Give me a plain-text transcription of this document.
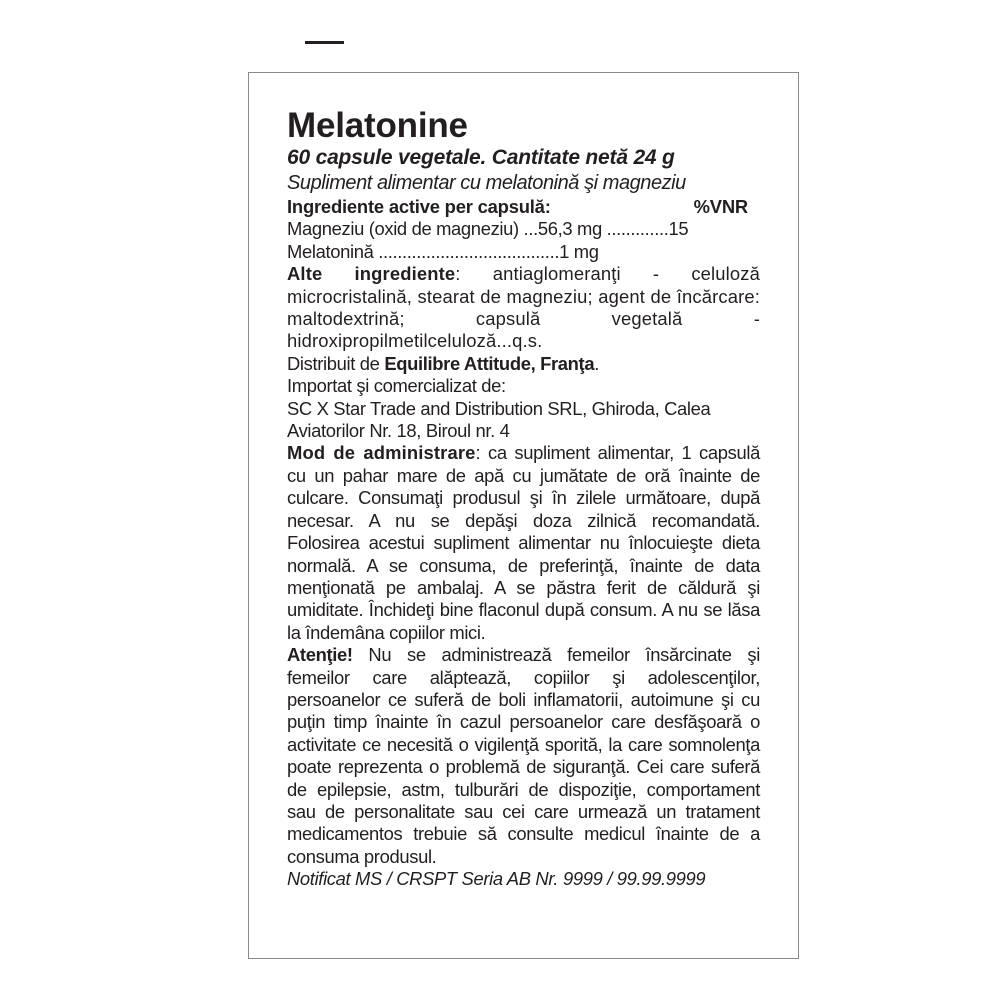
Melatonine

60 capsule vegetale. Cantitate netă 24 g

Supliment alimentar cu melatonină şi magneziu

Ingrediente active per capsulă:	%VNR

Magneziu (oxid de magneziu) ...56,3 mg .............15

Melatonină ......................................1 mg

Alte ingrediente: antiaglomeranţi - celuloză microcristalină, stearat de magneziu; agent de încărcare: maltodextrină; capsulă vegetală - hidroxipropilmetilceluloză...q.s.

Distribuit de Equilibre Attitude, Franţa.

Importat şi comercializat de:

SC X Star Trade and Distribution SRL, Ghiroda, Calea Aviatorilor Nr. 18, Biroul nr. 4

Mod de administrare: ca supliment alimentar, 1 capsulă cu un pahar mare de apă cu jumătate de oră înainte de culcare. Consumaţi produsul şi în zilele următoare, după necesar. A nu se depăşi doza zilnică recomandată. Folosirea acestui supliment alimentar nu înlocuieşte dieta normală. A se consuma, de preferinţă, înainte de data menţionată pe ambalaj. A se păstra ferit de căldură şi umiditate. Închideţi bine flaconul după consum. A nu se lăsa la îndemâna copiilor mici.

Atenţie! Nu se administrează femeilor însărcinate şi femeilor care alăptează, copiilor şi adolescenţilor, persoanelor ce suferă de boli inflamatorii, autoimune şi cu puţin timp înainte în cazul persoanelor care desfăşoară o activitate ce necesită o vigilenţă sporită, la care somnolenţa poate reprezenta o problemă de siguranţă. Cei care suferă de epilepsie, astm, tulburări de dispoziţie, comportament sau de personalitate sau cei care urmează un tratament medicamentos trebuie să consulte medicul înainte de a consuma produsul.

Notificat MS / CRSPT Seria AB Nr. 9999 / 99.99.9999
